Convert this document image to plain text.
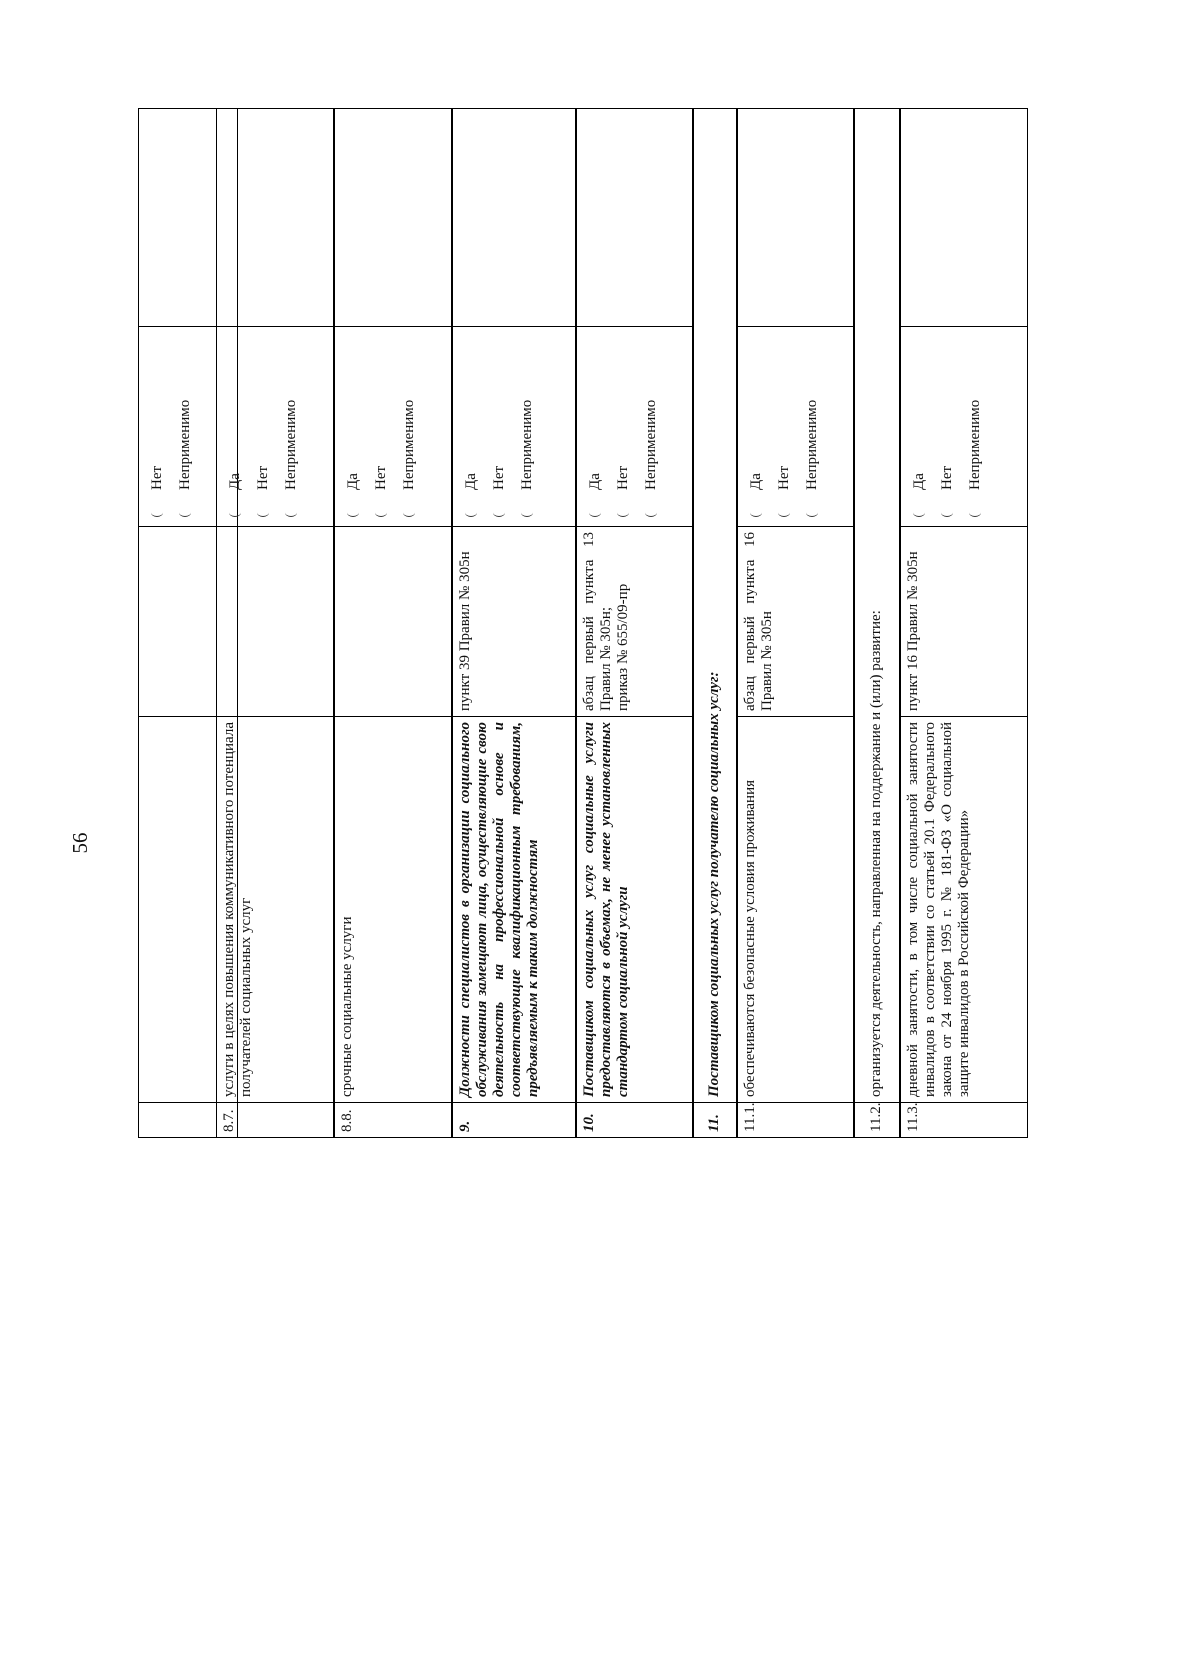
56
Нет Неприменимо
8.7.
услуги в целях повышения коммуникативного потенциала получателей социальных услуг
Да Нет Неприменимо
8.8.
срочные социальные услуги
Да Нет Неприменимо
9.
Должности специалистов в организации социального обслуживания замещают лица, осуществляющие свою деятельность на профессиональной основе и соответствующие квалификационным требованиям, предъявляемым к таким должностям
пункт 39 Правил № 305н
Да Нет Неприменимо
10.
Поставщиком социальных услуг социальные услуги предоставляются в объемах, не менее установленных стандартом социальной услуги
абзац
первый
пункта
13
Правил № 305н; приказ № 655/09-пр
Да Нет Неприменимо
11.
Поставщиком социальных услуг получателю социальных услуг:
11.1.
обеспечиваются безопасные условия проживания
абзац
первый
пункта
16
Правил № 305н
Да Нет Неприменимо
11.2.
организуется деятельность, направленная на поддержание и (или) развитие:
11.3.
дневной занятости, в том числе социальной занятости инвалидов в соответствии со статьей 20.1 Федерального закона от 24 ноября 1995 г. № 181-ФЗ «О социальной защите инвалидов в Российской Федерации»
пункт 16 Правил № 305н
Да Нет Неприменимо
